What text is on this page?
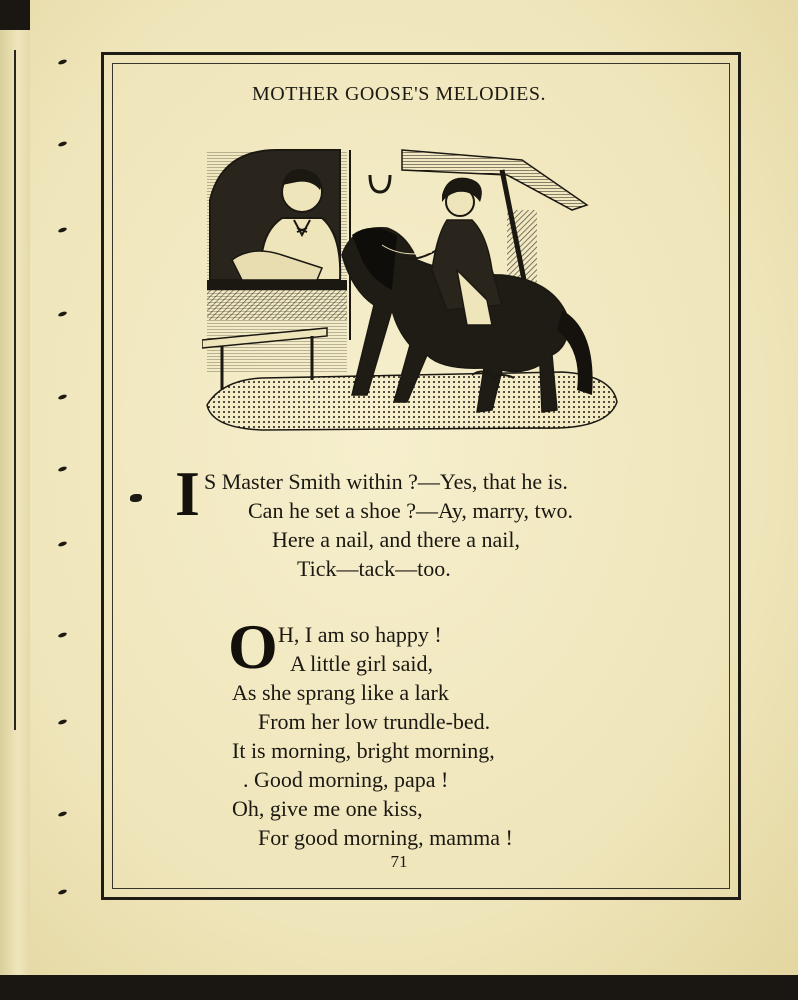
MOTHER GOOSE'S MELODIES.
I S Master Smith within ?—Yes, that he is.
Can he set a shoe ?—Ay, marry, two.
Here a nail, and there a nail,
Tick—tack—too.
O H, I am so happy !
A little girl said,
As she sprang like a lark
From her low trundle-bed.
It is morning, bright morning,
. Good morning, papa !
Oh, give me one kiss,
For good morning, mamma !
71
